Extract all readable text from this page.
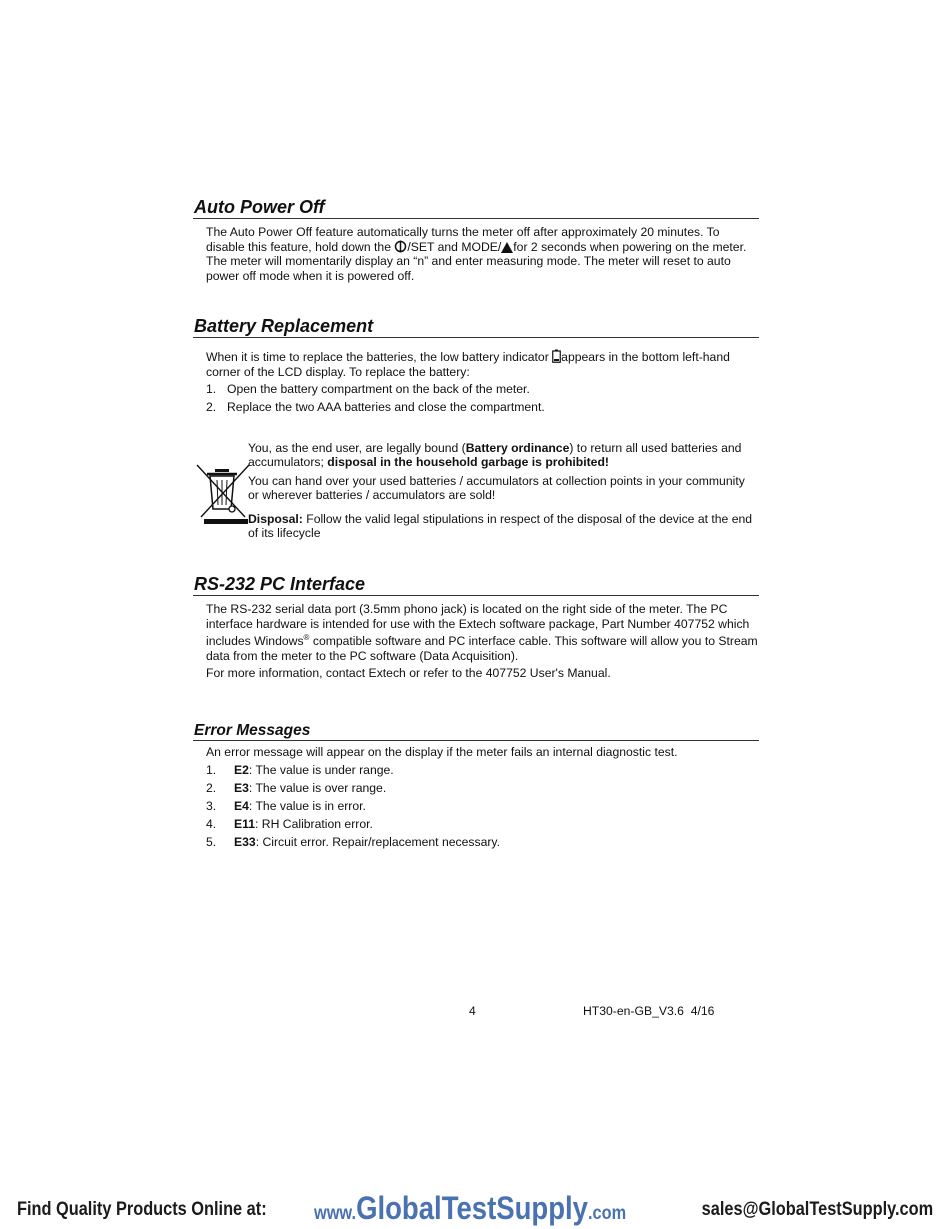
Auto Power Off

The Auto Power Off feature automatically turns the meter off after approximately 20 minutes. To disable this feature, hold down the /SET and MODE/ for 2 seconds when powering on the meter. The meter will momentarily display an “n” and enter measuring mode. The meter will reset to auto power off mode when it is powered off.

Battery Replacement

When it is time to replace the batteries, the low battery indicator appears in the bottom left-hand corner of the LCD display. To replace the battery:

1. Open the battery compartment on the back of the meter.
2. Replace the two AAA batteries and close the compartment.

You, as the end user, are legally bound (Battery ordinance) to return all used batteries and accumulators; disposal in the household garbage is prohibited!

You can hand over your used batteries / accumulators at collection points in your community or wherever batteries / accumulators are sold!

Disposal: Follow the valid legal stipulations in respect of the disposal of the device at the end of its lifecycle

RS-232 PC Interface

The RS-232 serial data port (3.5mm phono jack) is located on the right side of the meter. The PC interface hardware is intended for use with the Extech software package, Part Number 407752 which includes Windows® compatible software and PC interface cable. This software will allow you to Stream data from the meter to the PC software (Data Acquisition).

For more information, contact Extech or refer to the 407752 User's Manual.

Error Messages

An error message will appear on the display if the meter fails an internal diagnostic test.

1.	E2: The value is under range.
2.	E3: The value is over range.
3.	E4: The value is in error.
4.	E11: RH Calibration error.
5.	E33: Circuit error. Repair/replacement necessary.
4	HT30-en-GB_V3.6  4/16
Find Quality Products Online at: www.GlobalTestSupply.com	sales@GlobalTestSupply.com
